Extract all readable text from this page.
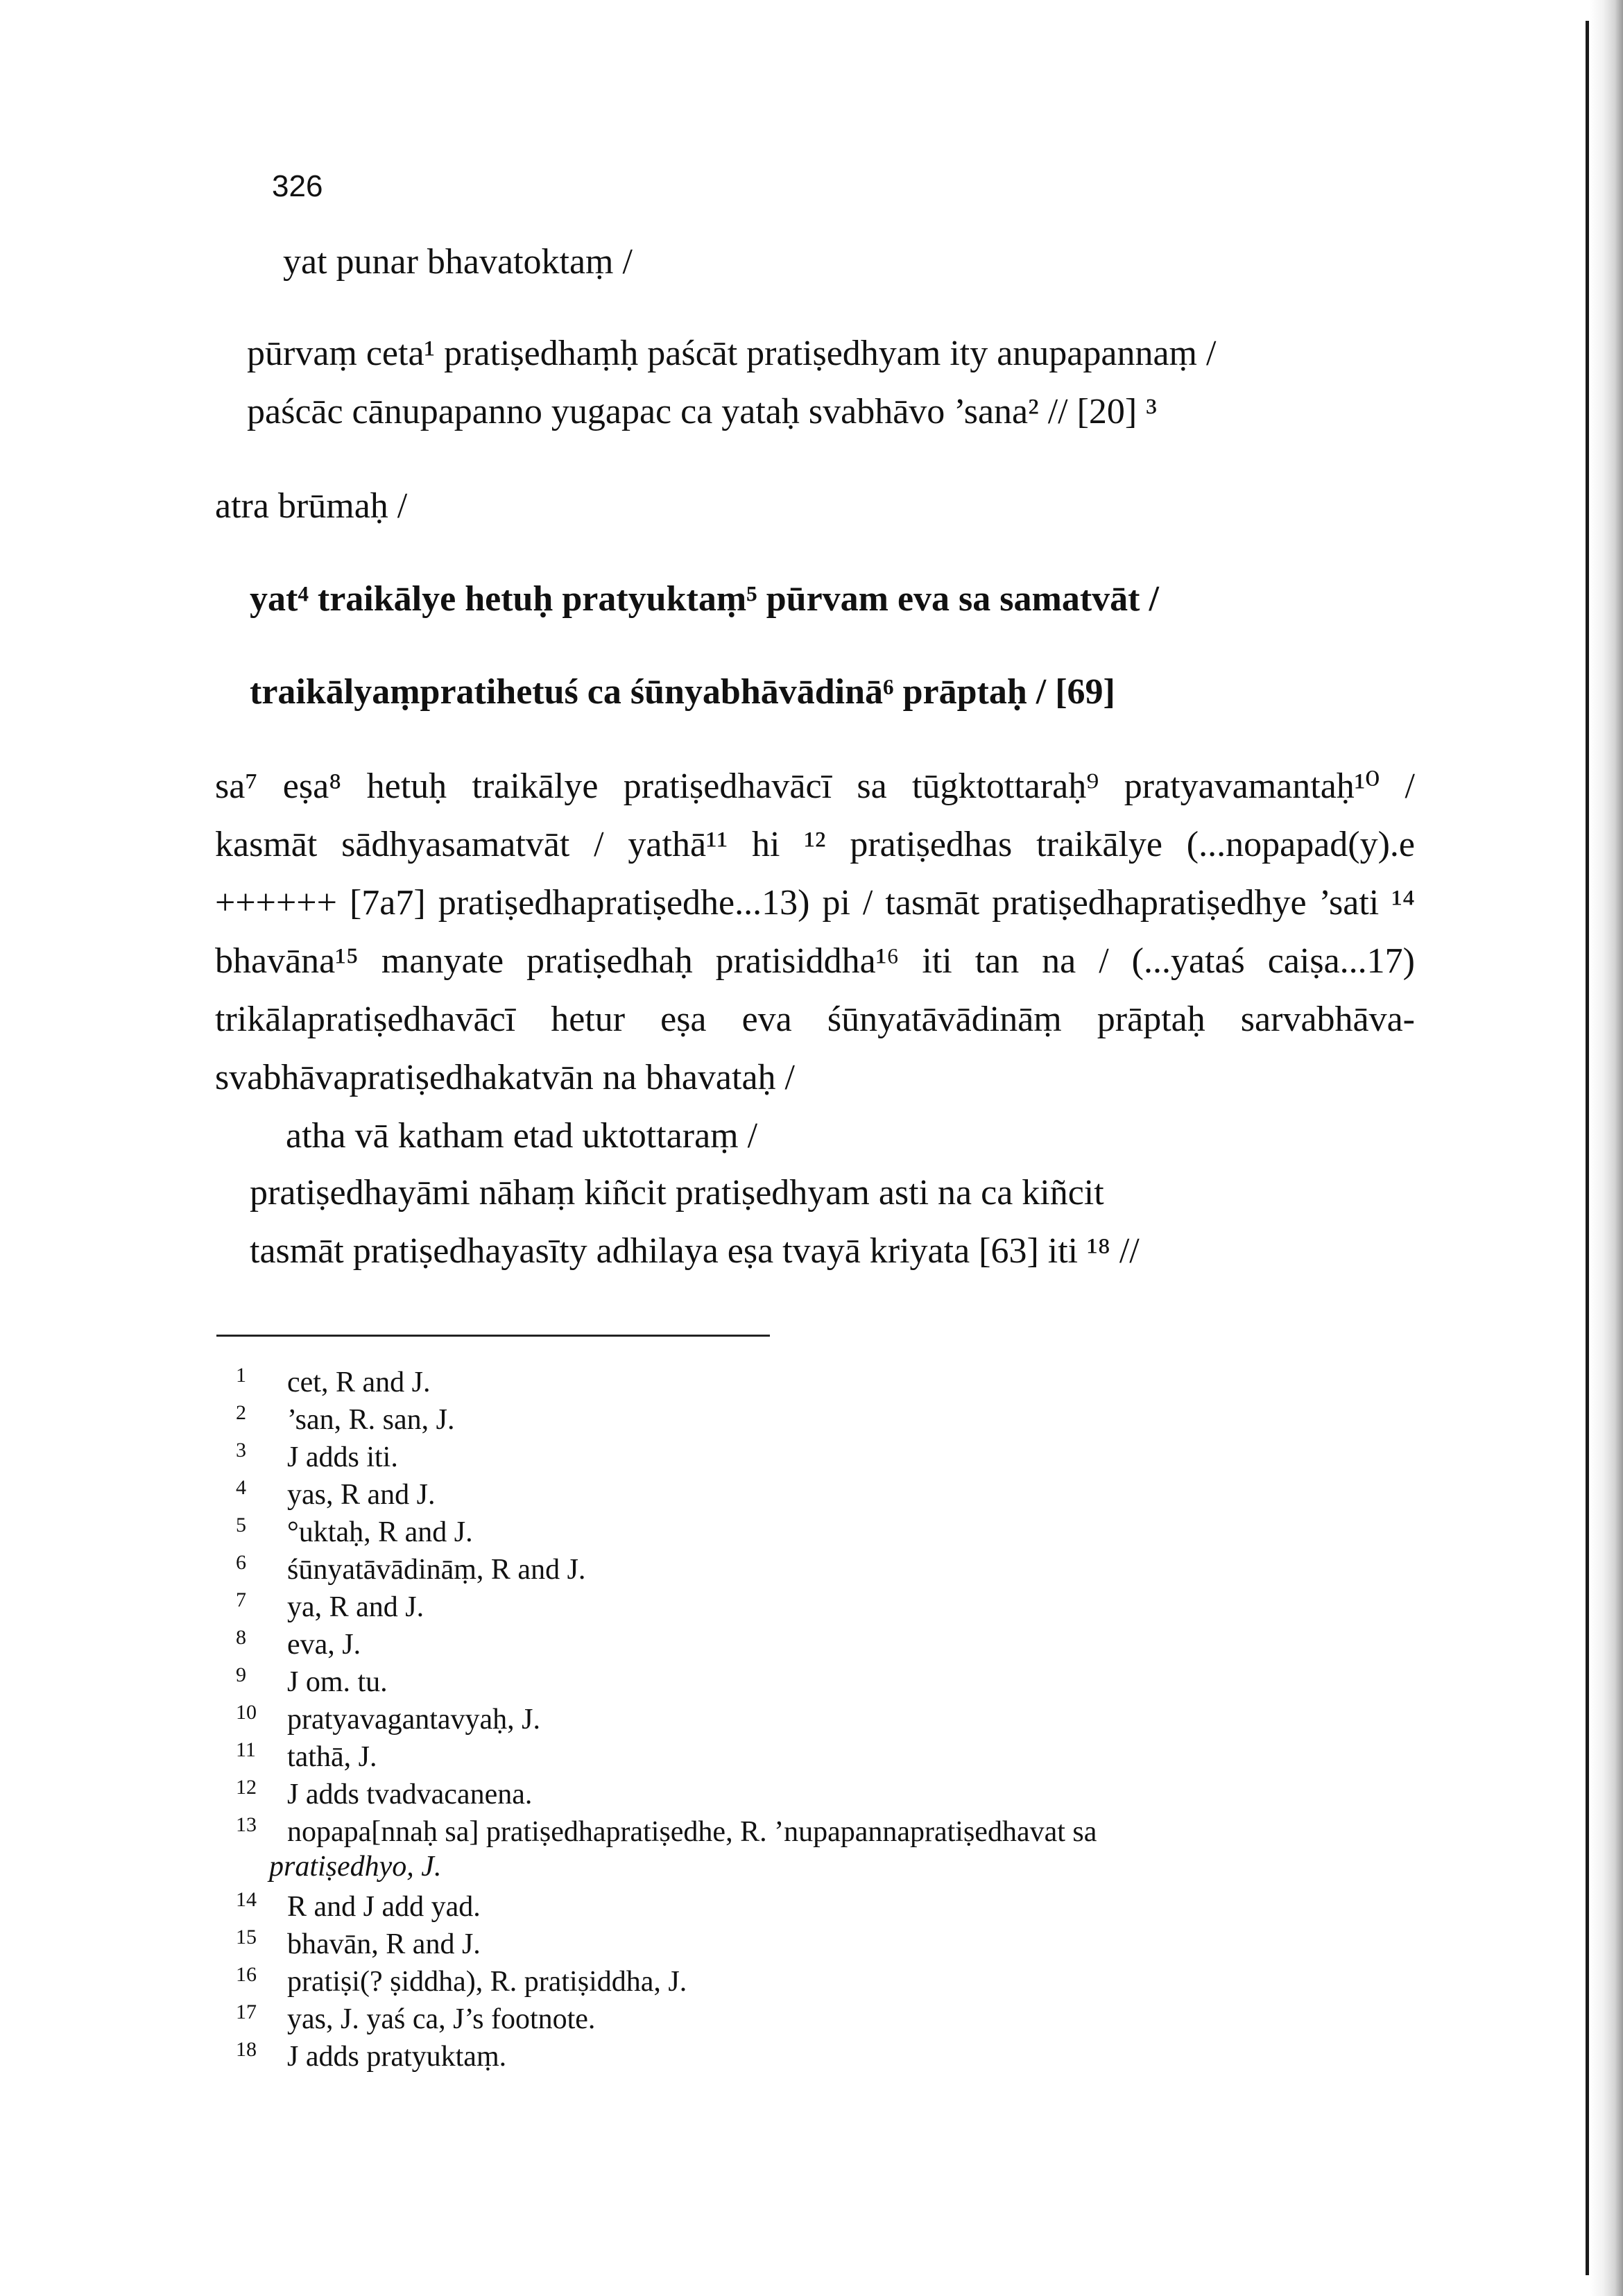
326
yat punar bhavatoktaṃ /
pūrvaṃ ceta¹ pratiṣedhaṃḥ paścāt pratiṣedhyam ity anupapannaṃ /
paścāc cānupapanno yugapac ca yataḥ svabhāvo ’sana² // [20] ³
atra brūmaḥ /
yat⁴ traikālye hetuḥ pratyuktaṃ⁵ pūrvam eva sa samatvāt /
traikālyaṃpratihetuś ca śūnyabhāvādinā⁶ prāptaḥ / [69]
sa⁷ eṣa⁸ hetuḥ traikālye pratiṣedhavācī sa tūgktottaraḥ⁹ pratyavamantaḥ¹⁰ /
kasmāt sādhyasamatvāt / yathā¹¹ hi ¹² pratiṣedhas traikālye (...nopapad(y).e
++++++ [7a7] pratiṣedhapratiṣedhe...13) pi / tasmāt pratiṣedhapratiṣedhye ’sati ¹⁴
bhavāna¹⁵ manyate pratiṣedhaḥ pratisiddha¹⁶ iti tan na / (...yataś caiṣa...17)
trikālapratiṣedhavācī hetur eṣa eva śūnyatāvādināṃ prāptaḥ sarvabhāva-
svabhāvapratiṣedhakatvān na bhavataḥ /
atha vā katham etad uktottaraṃ /
pratiṣedhayāmi nāhaṃ kiñcit pratiṣedhyam asti na ca kiñcit
tasmāt pratiṣedhayasīty adhilaya eṣa tvayā kriyata [63] iti ¹⁸ //
1 cet, R and J.
2 ’san, R. san, J.
3 J adds iti.
4 yas, R and J.
5 °uktaḥ, R and J.
6 śūnyatāvādināṃ, R and J.
7 ya, R and J.
8 eva, J.
9 J om. tu.
10 pratyavagantavyaḥ, J.
11 tathā, J.
12 J adds tvadvacanena.
13 nopapa[nnaḥ sa] pratiṣedhapratiṣedhe, R. ’nupapannapratiṣedhavat sa
pratiṣedhyo, J.
14 R and J add yad.
15 bhavān, R and J.
16 pratiṣi(? ṣiddha), R. pratiṣiddha, J.
17 yas, J. yaś ca, J’s footnote.
18 J adds pratyuktaṃ.
